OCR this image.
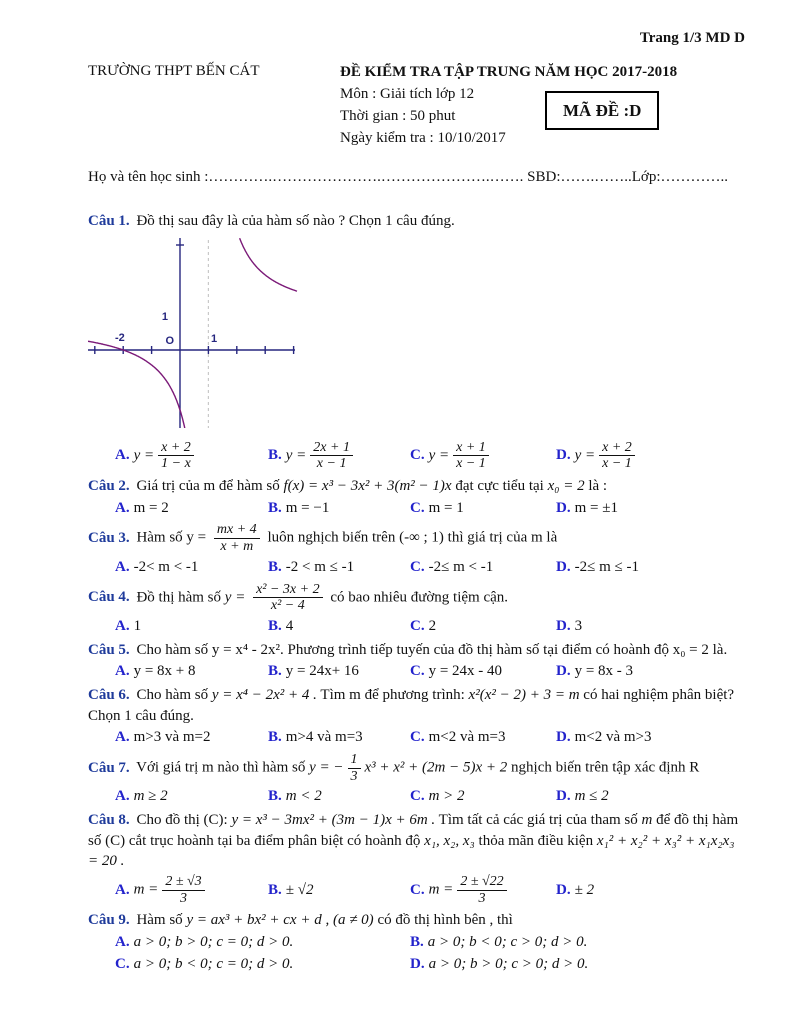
Trang 1/3 MD D
TRƯỜNG THPT BẾN CÁT	ĐỀ KIỂM TRA TẬP TRUNG NĂM HỌC 2017-2018
Môn : Giải tích lớp 12
Thời gian : 50 phut
Ngày kiểm tra : 10/10/2017
MÃ ĐỀ :D
Họ và tên học sinh :………….………………….………………….……. SBD:…….……..Lớp:…………..

Câu 1. Đồ thị sau đây là của hàm số nào ? Chọn 1 câu đúng.

1
O	1
-2
A. $y = \frac{x + 2}{1 - x}$	B. $y = \frac{2x + 1}{x - 1}$	C. $y = \frac{x + 1}{x - 1}$	D. $y = \frac{x + 2}{x - 1}$

Câu 2. Giá trị của m để hàm số f(x) = x³ − 3x² + 3(m² − 1)x đạt cực tiểu tại x₀ = 2 là :

A. m = 2	B. m = −1	C. m = 1	D. m = ±1

Câu 3. Hàm số $y = \frac{mx + 4}{x + m}$ luôn nghịch biến trên (-∞ ; 1) thì giá trị của m là

A. -2< m < -1	B. -2 < m ≤ -1	C. -2≤ m < -1	D. -2≤ m ≤ -1

Câu 4. Đồ thị hàm số $y = \frac{\text{x² − 3x + 2}}{\text{x² − 4}}$ có bao nhiêu đường tiệm cận.

A. 1	B. 4	C. 2	D. 3

Câu 5. Cho hàm số y = x⁴ - 2x². Phương trình tiếp tuyến của đồ thị hàm số tại điểm có hoành độ x₀ = 2 là.

A. y = 8x + 8	B. y = 24x+ 16	C. y = 24x - 40	D. y = 8x - 3

Câu 6. Cho hàm số y = x⁴ − 2x² + 4 . Tìm m để phương trình: x²(x² − 2) + 3 = m có hai nghiệm phân biệt? Chọn 1 câu đúng.

A. m>3 và m=2	B. m>4 và m=3	C. m<2 và m=3	D. m<2 và m>3

Câu 7. Với giá trị m nào thì hàm số y = − $\frac{1}{3} x^3 + x^2 + (2m - 5)x + 2$ nghịch biến trên tập xác định R

A. m ≥ 2	B. m < 2	C. m > 2	D. m ≤ 2

Câu 8. Cho đồ thị (C): y = x³ − 3mx² + (3m − 1)x + 6m . Tìm tất cả các giá trị của tham số m để đồ thị hàm số (C) cắt trục hoành tại ba điểm phân biệt có hoành độ x₁, x₂, x₃ thỏa mãn điều kiện x₁² + x₂² + x₃² + x₁x₂x₃ = 20 .

A. $m = \frac{2 \pm √3}{3}$	B. ± √2	C. $m = \frac{2 \pm √22}{3}$	D. ± 2

Câu 9. Hàm số y = ax³ + bx² + cx + d , (a ≠ 0) có đồ thị hình bên , thì

A. a > 0; b > 0; c = 0; d > 0.	B. a > 0; b < 0; c > 0; d > 0.
C. a > 0; b < 0; c = 0; d > 0.	D. a > 0; b > 0; c > 0; d > 0.
